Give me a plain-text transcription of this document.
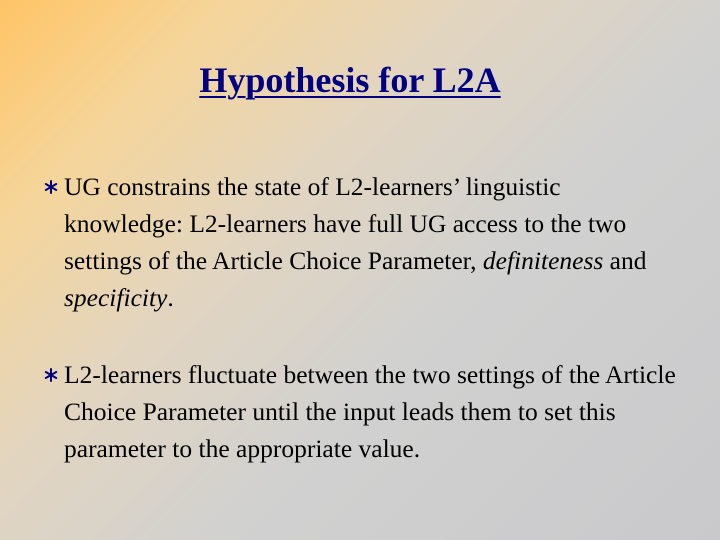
Hypothesis for L2A
UG constrains the state of L2-learners’ linguistic knowledge: L2-learners have full UG access to the two settings of the Article Choice Parameter, definiteness and specificity.
L2-learners fluctuate between the two settings of the Article Choice Parameter until the input leads them to set this parameter to the appropriate value.
